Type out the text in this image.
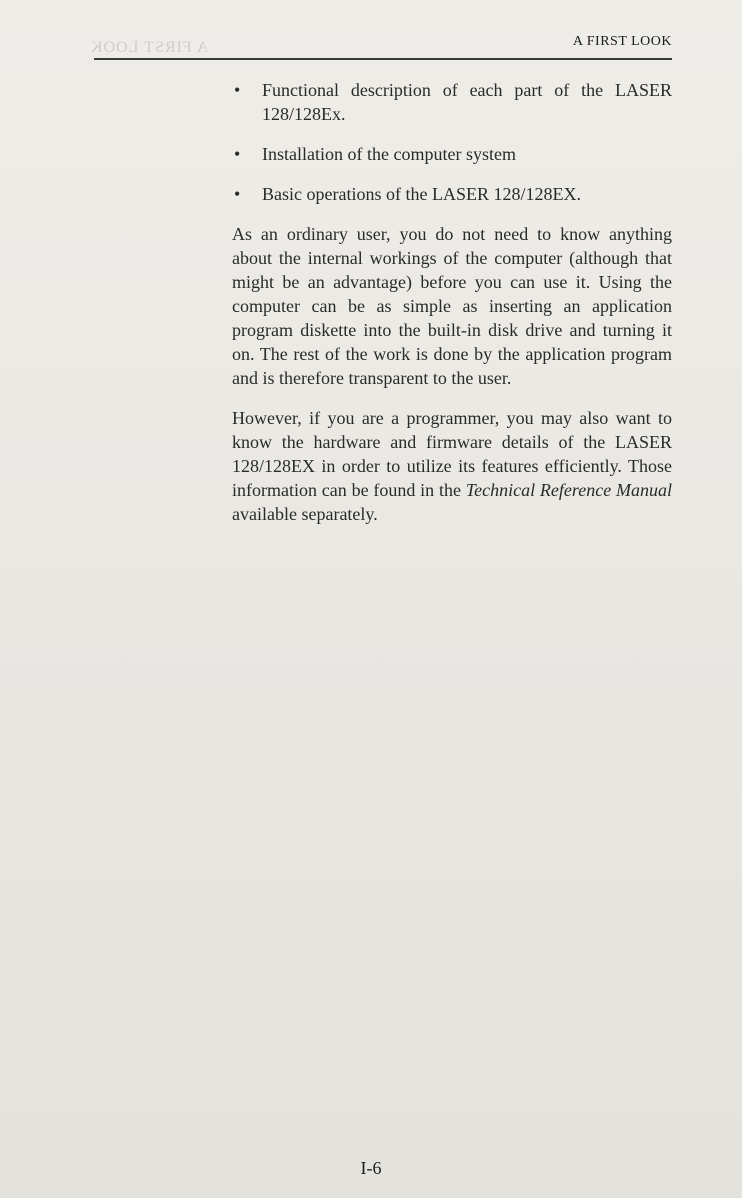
A FIRST LOOK	A FIRST LOOK
•	Functional description of each part of the LASER 128/128Ex.
•	Installation of the computer system
•	Basic operations of the LASER 128/128EX.

As an ordinary user, you do not need to know anything about the internal workings of the computer (although that might be an advantage) before you can use it. Using the computer can be as simple as inserting an application program diskette into the built-in disk drive and turning it on. The rest of the work is done by the application program and is therefore transparent to the user.

However, if you are a programmer, you may also want to know the hardware and firmware details of the LASER 128/128EX in order to utilize its features efficiently. Those information can be found in the Technical Reference Manual available separately.

I-6
